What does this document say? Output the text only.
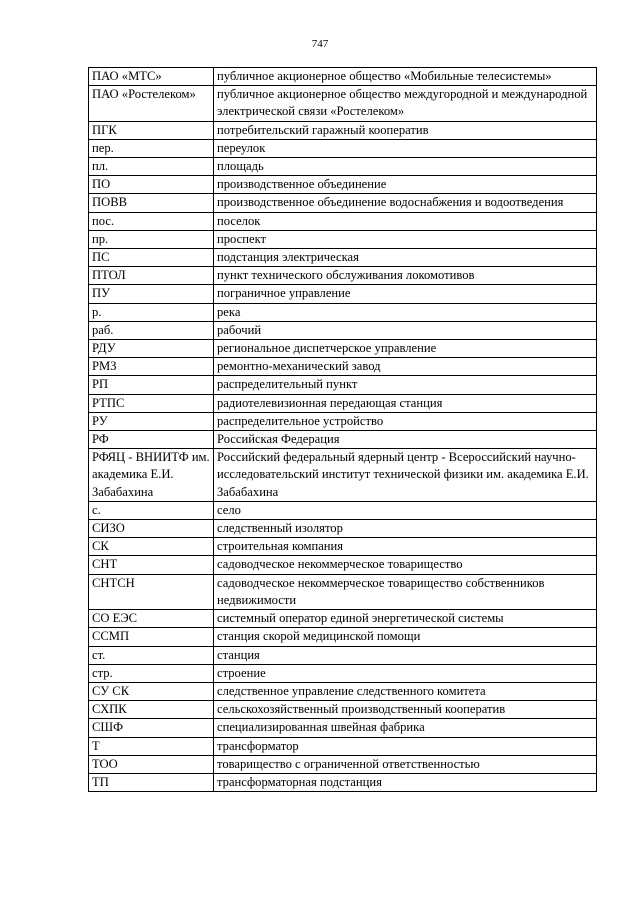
747
ПАО «МТС»	публичное акционерное общество «Мобильные телесистемы»
ПАО «Ростелеком»	публичное акционерное общество междугородной и международной электрической связи «Ростелеком»
ПГК	потребительский гаражный кооператив
пер.	переулок
пл.	площадь
ПО	производственное объединение
ПОВВ	производственное объединение водоснабжения и водоотведения
пос.	поселок
пр.	проспект
ПС	подстанция электрическая
ПТОЛ	пункт технического обслуживания локомотивов
ПУ	пограничное управление
р.	река
раб.	рабочий
РДУ	региональное диспетчерское управление
РМЗ	ремонтно-механический завод
РП	распределительный пункт
РТПС	радиотелевизионная передающая станция
РУ	распределительное устройство
РФ	Российская Федерация
РФЯЦ - ВНИИТФ им. академика Е.И. Забабахина	Российский федеральный ядерный центр - Всероссийский научно-исследовательский институт технической физики им. академика Е.И. Забабахина
с.	село
СИЗО	следственный изолятор
СК	строительная компания
СНТ	садоводческое некоммерческое товарищество
СНТСН	садоводческое некоммерческое товарищество собственников недвижимости
СО ЕЭС	системный оператор единой энергетической системы
ССМП	станция скорой медицинской помощи
ст.	станция
стр.	строение
СУ СК	следственное управление следственного комитета
СХПК	сельскохозяйственный производственный кооператив
СШФ	специализированная швейная фабрика
Т	трансформатор
ТОО	товарищество с ограниченной ответственностью
ТП	трансформаторная подстанция
